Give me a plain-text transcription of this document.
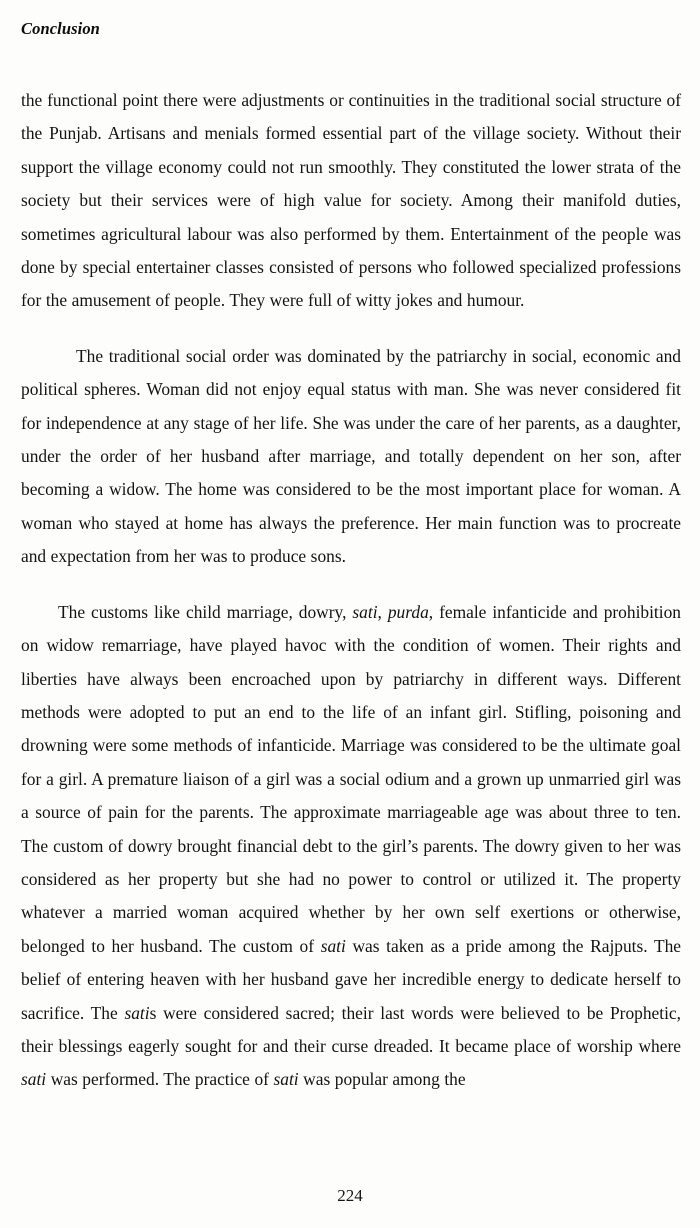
Conclusion

the functional point there were adjustments or continuities in the traditional social structure of the Punjab. Artisans and menials formed essential part of the village society. Without their support the village economy could not run smoothly. They constituted the lower strata of the society but their services were of high value for society. Among their manifold duties, sometimes agricultural labour was also performed by them. Entertainment of the people was done by special entertainer classes consisted of persons who followed specialized professions for the amusement of people. They were full of witty jokes and humour.

The traditional social order was dominated by the patriarchy in social, economic and political spheres. Woman did not enjoy equal status with man. She was never considered fit for independence at any stage of her life. She was under the care of her parents, as a daughter, under the order of her husband after marriage, and totally dependent on her son, after becoming a widow. The home was considered to be the most important place for woman. A woman who stayed at home has always the preference. Her main function was to procreate and expectation from her was to produce sons.

The customs like child marriage, dowry, sati, purda, female infanticide and prohibition on widow remarriage, have played havoc with the condition of women. Their rights and liberties have always been encroached upon by patriarchy in different ways. Different methods were adopted to put an end to the life of an infant girl. Stifling, poisoning and drowning were some methods of infanticide. Marriage was considered to be the ultimate goal for a girl. A premature liaison of a girl was a social odium and a grown up unmarried girl was a source of pain for the parents. The approximate marriageable age was about three to ten. The custom of dowry brought financial debt to the girl’s parents. The dowry given to her was considered as her property but she had no power to control or utilized it. The property whatever a married woman acquired whether by her own self exertions or otherwise, belonged to her husband. The custom of sati was taken as a pride among the Rajputs. The belief of entering heaven with her husband gave her incredible energy to dedicate herself to sacrifice. The satis were considered sacred; their last words were believed to be Prophetic, their blessings eagerly sought for and their curse dreaded. It became place of worship where sati was performed. The practice of sati was popular among the

224
